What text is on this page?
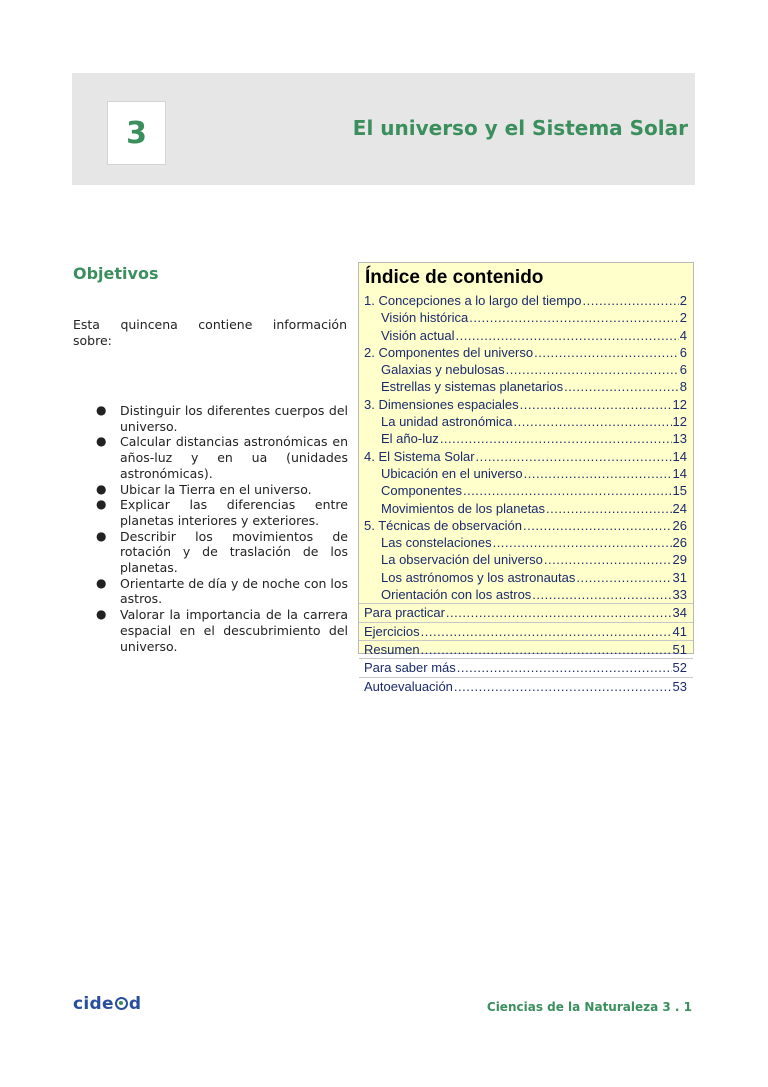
3	El universo y el Sistema Solar
Objetivos
Esta quincena contiene información
sobre:
● Distinguir los diferentes cuerpos del universo.
● Calcular distancias astronómicas en años-luz y en ua (unidades astronómicas).
● Ubicar la Tierra en el universo.
● Explicar las diferencias entre planetas interiores y exteriores.
● Describir los movimientos de rotación y de traslación de los planetas.
● Orientarte de día y de noche con los astros.
● Valorar la importancia de la carrera espacial en el descubrimiento del universo.
Índice de contenido
1. Concepciones a lo largo del tiempo .....	2
Visión histórica .....	2
Visión actual .....	4
2. Componentes del universo .....	6
Galaxias y nebulosas .....	6
Estrellas y sistemas planetarios .....	8
3. Dimensiones espaciales .....	12
La unidad astronómica .....	12
El año-luz .....	13
4. El Sistema Solar .....	14
Ubicación en el universo .....	14
Componentes .....	15
Movimientos de los planetas .....	24
5. Técnicas de observación .....	26
Las constelaciones .....	26
La observación del universo .....	29
Los astrónomos y los astronautas .....	31
Orientación con los astros .....	33
Para practicar .....	34
Ejercicios .....	41
Resumen .....	51
Para saber más .....	52
Autoevaluación .....	53
cide d	Ciencias de la Naturaleza 3 . 1
